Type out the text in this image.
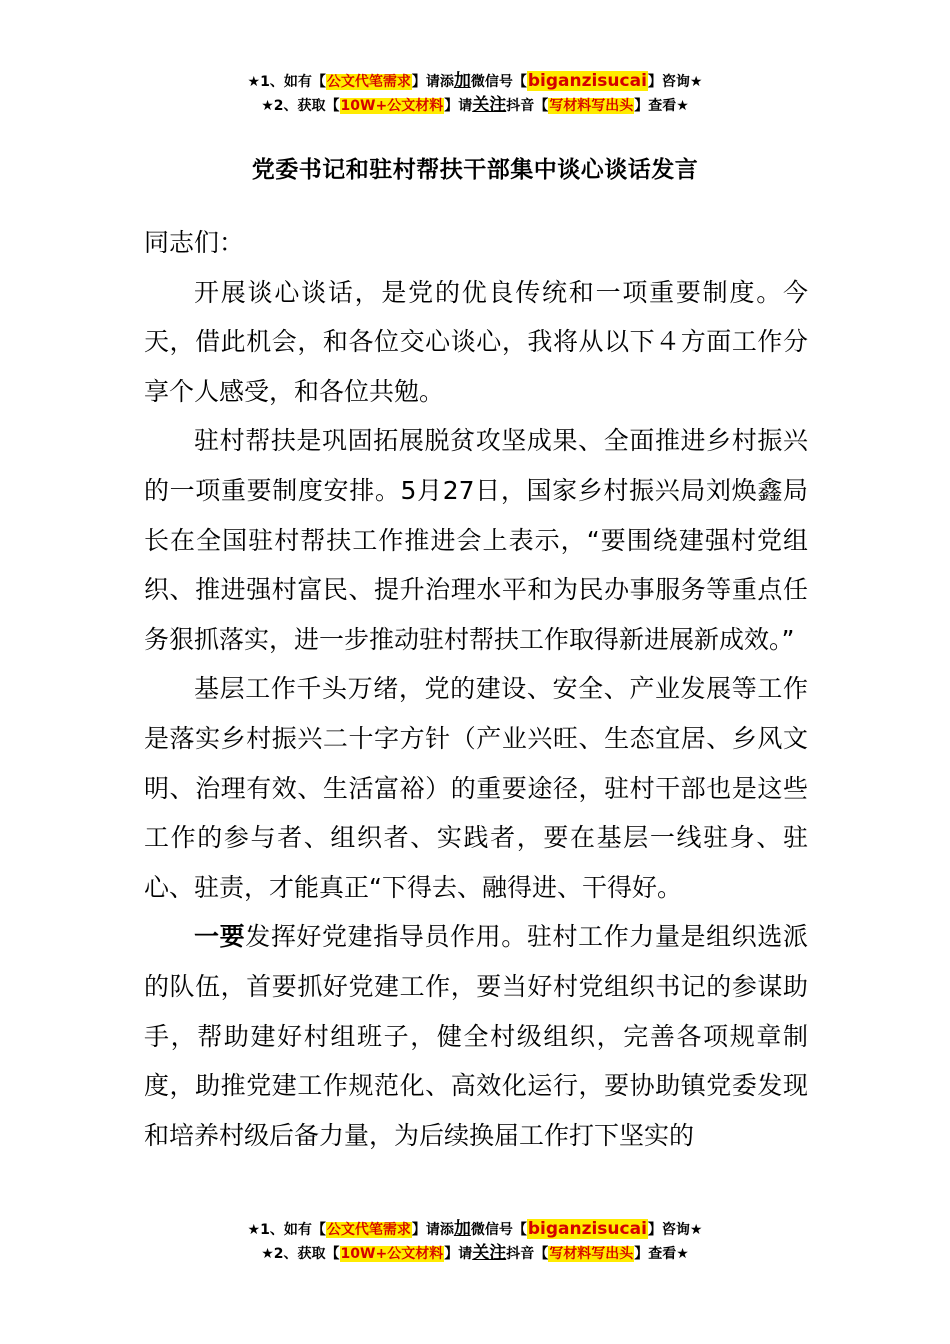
★1、如有【公文代笔需求】请添加微信号【biganzisucai】咨询★
★2、获取【10W+公文材料】请关注抖音【写材料写出头】查看★
党委书记和驻村帮扶干部集中谈心谈话发言

同志们：

开展谈心谈话，是党的优良传统和一项重要制度。今天，借此机会，和各位交心谈心，我将从以下４方面工作分享个人感受，和各位共勉。

驻村帮扶是巩固拓展脱贫攻坚成果、全面推进乡村振兴的一项重要制度安排。5月27日，国家乡村振兴局刘焕鑫局长在全国驻村帮扶工作推进会上表示，“要围绕建强村党组织、推进强村富民、提升治理水平和为民办事服务等重点任务狠抓落实，进一步推动驻村帮扶工作取得新进展新成效。”

基层工作千头万绪，党的建设、安全、产业发展等工作是落实乡村振兴二十字方针（产业兴旺、生态宜居、乡风文明、治理有效、生活富裕）的重要途径，驻村干部也是这些工作的参与者、组织者、实践者，要在基层一线驻身、驻心、驻责，才能真正“下得去、融得进、干得好。

一要发挥好党建指导员作用。驻村工作力量是组织选派的队伍，首要抓好党建工作，要当好村党组织书记的参谋助手，帮助建好村组班子，健全村级组织，完善各项规章制度，助推党建工作规范化、高效化运行，要协助镇党委发现和培养村级后备力量，为后续换届工作打下坚实的

★1、如有【公文代笔需求】请添加微信号【biganzisucai】咨询★
★2、获取【10W+公文材料】请关注抖音【写材料写出头】查看★
